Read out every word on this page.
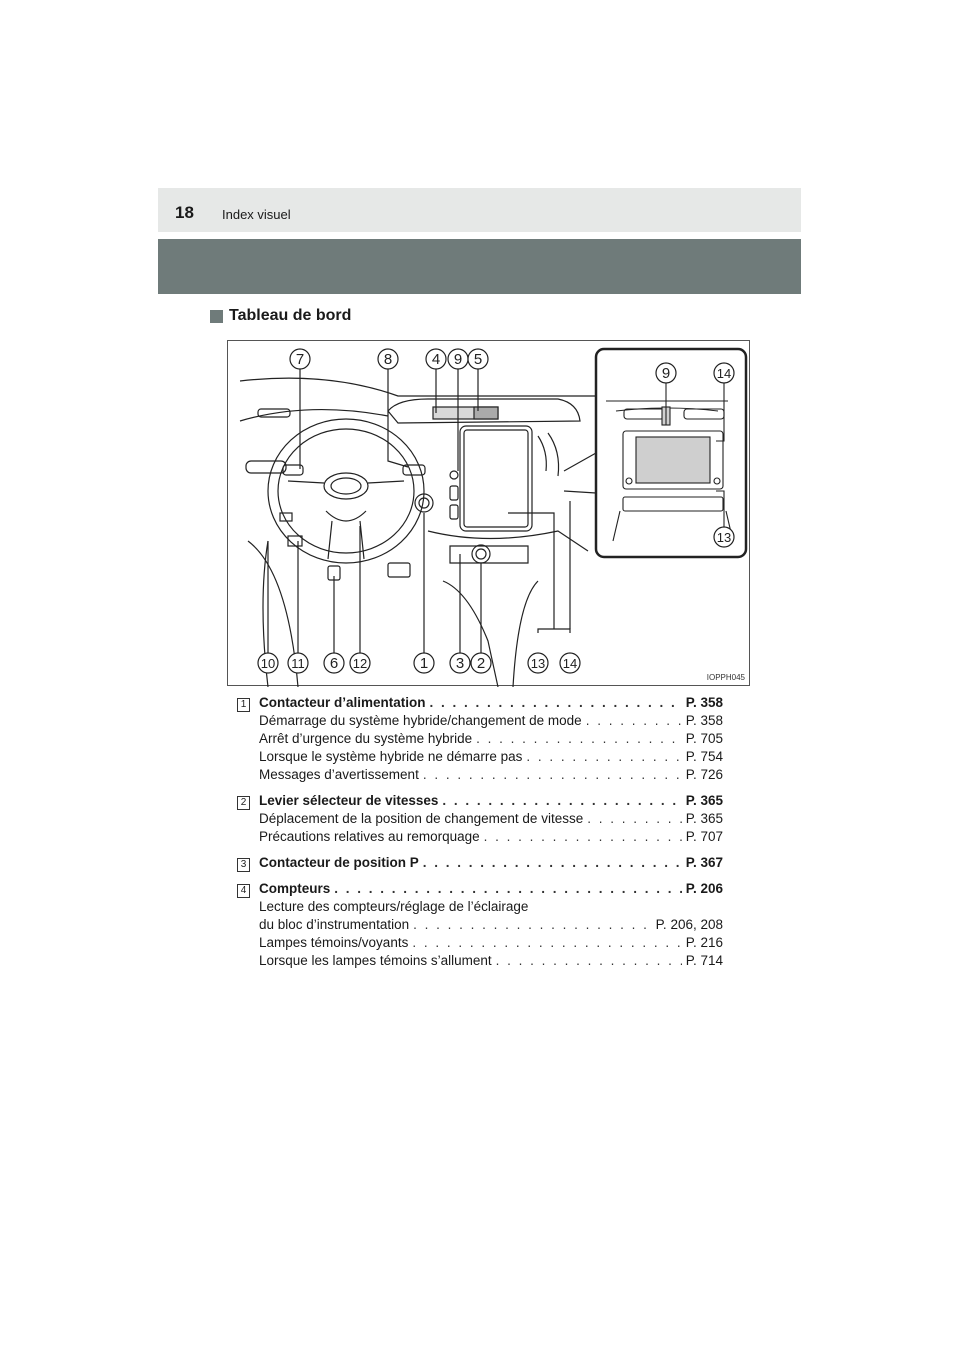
18 Index visuel
Tableau de bord
7	8	4 9 5
9	14
13
10 11 6 12	1 3 2	13 14
IOPPH045
1 Contacteur d’alimentation . . .	P. 358
Démarrage du système hybride/changement de mode . . .	P. 358
Arrêt d’urgence du système hybride . . .	P. 705
Lorsque le système hybride ne démarre pas . . .	P. 754
Messages d’avertissement . . .	P. 726
2 Levier sélecteur de vitesses . . .	P. 365
Déplacement de la position de changement de vitesse . . .	P. 365
Précautions relatives au remorquage . . .	P. 707
3 Contacteur de position P . . .	P. 367
4 Compteurs . . .	P. 206
Lecture des compteurs/réglage de l’éclairage
du bloc d’instrumentation . . .	P. 206, 208
Lampes témoins/voyants . . .	P. 216
Lorsque les lampes témoins s’allument . . .	P. 714
